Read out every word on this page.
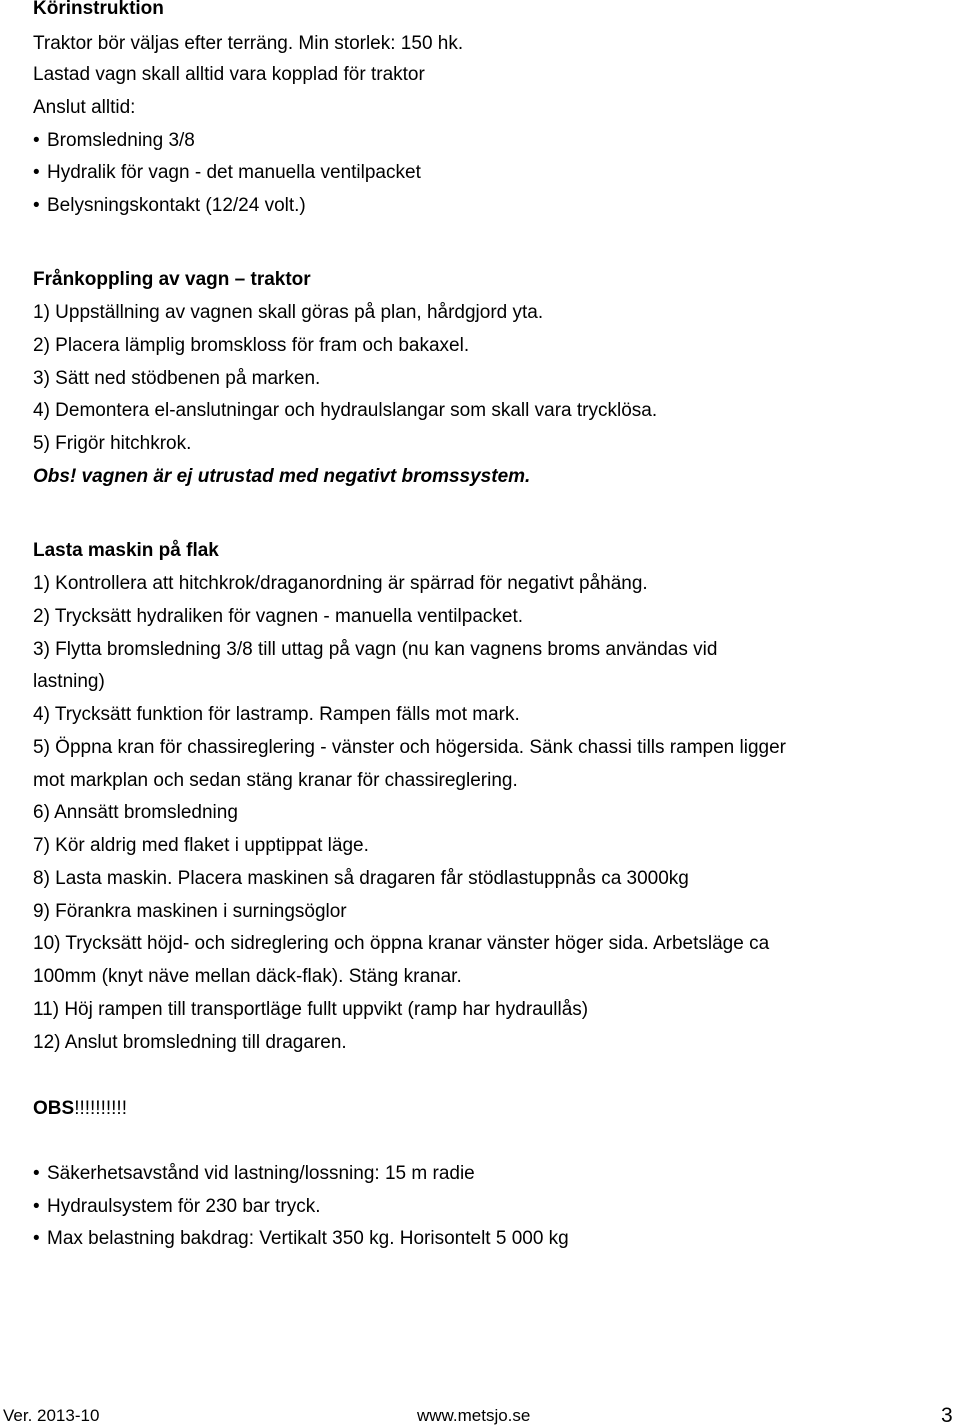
Körinstruktion
Traktor bör väljas efter terräng. Min storlek: 150 hk.
Lastad vagn skall alltid vara kopplad för traktor
Anslut alltid:
• Bromsledning 3/8
• Hydralik för vagn - det manuella ventilpacket
• Belysningskontakt (12/24 volt.)
Frånkoppling av vagn – traktor
1) Uppställning av vagnen skall göras på plan, hårdgjord yta.
2) Placera lämplig bromskloss för fram och bakaxel.
3) Sätt ned stödbenen på marken.
4) Demontera el-anslutningar och hydraulslangar som skall vara trycklösa.
5) Frigör hitchkrok.
Obs! vagnen är ej utrustad med negativt bromssystem.
Lasta maskin på flak
1) Kontrollera att hitchkrok/draganordning är spärrad för negativt påhäng.
2) Trycksätt hydraliken för vagnen - manuella ventilpacket.
3) Flytta bromsledning 3/8 till uttag på vagn (nu kan vagnens broms användas vid
lastning)
4) Trycksätt funktion för lastramp. Rampen fälls mot mark.
5) Öppna kran för chassireglering - vänster och högersida. Sänk chassi tills rampen ligger
mot markplan och sedan stäng kranar för chassireglering.
6) Annsätt bromsledning
7) Kör aldrig med flaket i upptippat läge.
8) Lasta maskin. Placera maskinen så dragaren får stödlastuppnås ca 3000kg
9) Förankra maskinen i surningsöglor
10) Trycksätt höjd- och sidreglering och öppna kranar vänster höger sida. Arbetsläge ca
100mm (knyt näve mellan däck-flak). Stäng kranar.
11) Höj rampen till transportläge fullt uppvikt (ramp har hydraullås)
12) Anslut bromsledning till dragaren.
OBS!!!!!!!!!!
• Säkerhetsavstånd vid lastning/lossning: 15 m radie
• Hydraulsystem för 230 bar tryck.
• Max belastning bakdrag: Vertikalt 350 kg. Horisontelt 5 000 kg
Ver. 2013-10	www.metsjo.se	3
